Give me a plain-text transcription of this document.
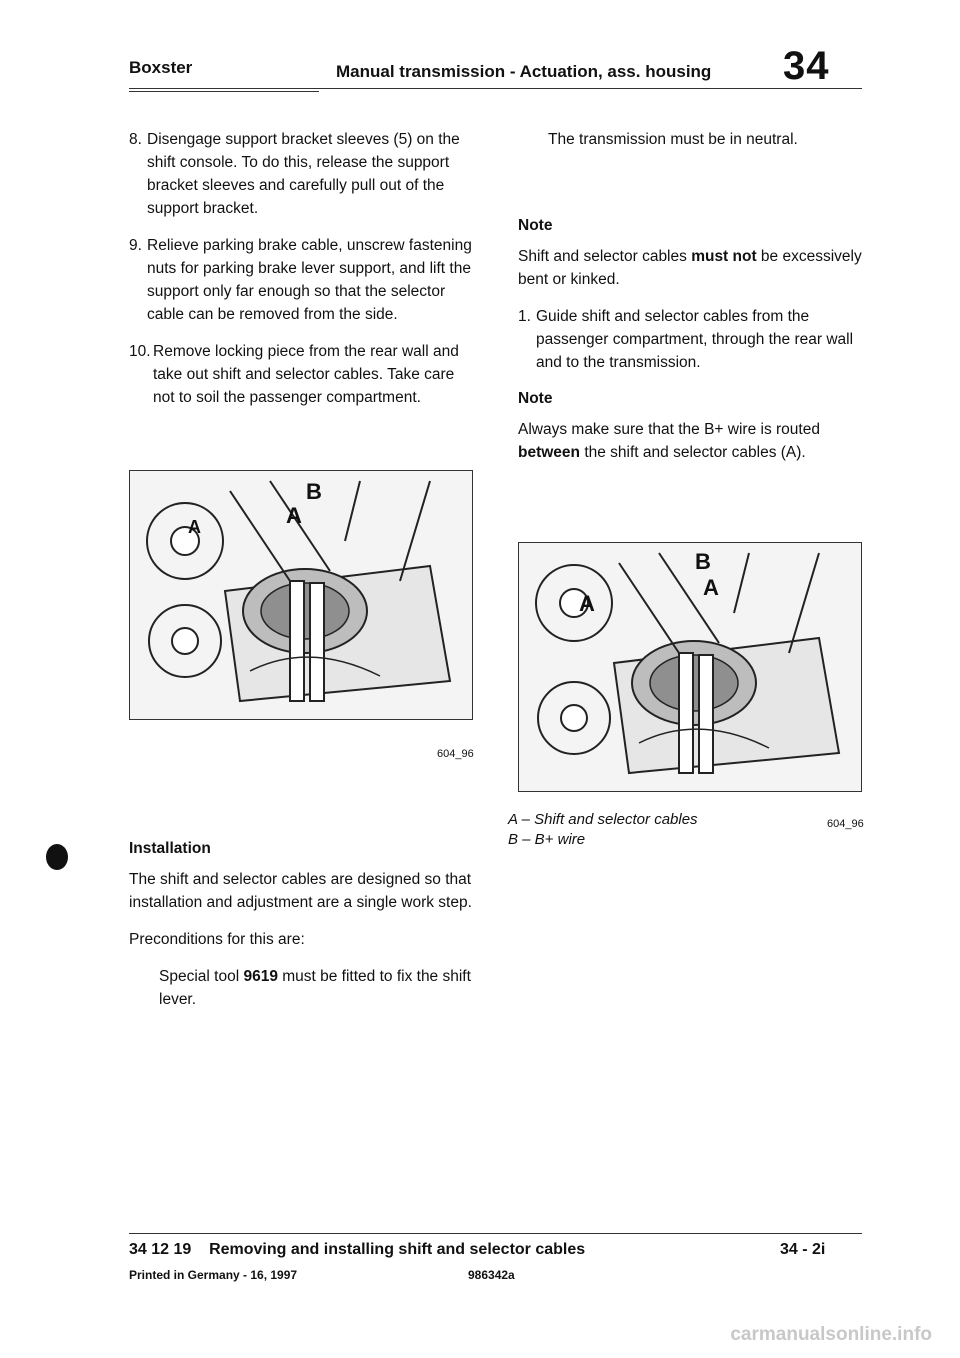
Boxster	Manual transmission - Actuation, ass. housing 34
8. Disengage support bracket sleeves (5) on the shift console. To do this, release the support bracket sleeves and carefully pull out of the support bracket.
9. Relieve parking brake cable, unscrew fastening nuts for parking brake lever support, and lift the support only far enough so that the selector cable can be removed from the side.
10. Remove locking piece from the rear wall and take out shift and selector cables. Take care not to soil the passenger compartment.
B
A
A
604_96
Installation

The shift and selector cables are designed so that installation and adjustment are a single work step.

Preconditions for this are:

Special tool 9619 must be fitted to fix the shift lever.

The transmission must be in neutral.

Note

Shift and selector cables must not be excessively bent or kinked.

1. Guide shift and selector cables from the passenger compartment, through the rear wall and to the transmission.
Note

Always make sure that the B+ wire is routed between the shift and selector cables (A).

B
A
A
A – Shift and selector cables
B – B+ wire
604_96
34 12 19    Removing and installing shift and selector cables	34 - 2i
Printed in Germany - 16, 1997	986342a
carmanualsonline.info
